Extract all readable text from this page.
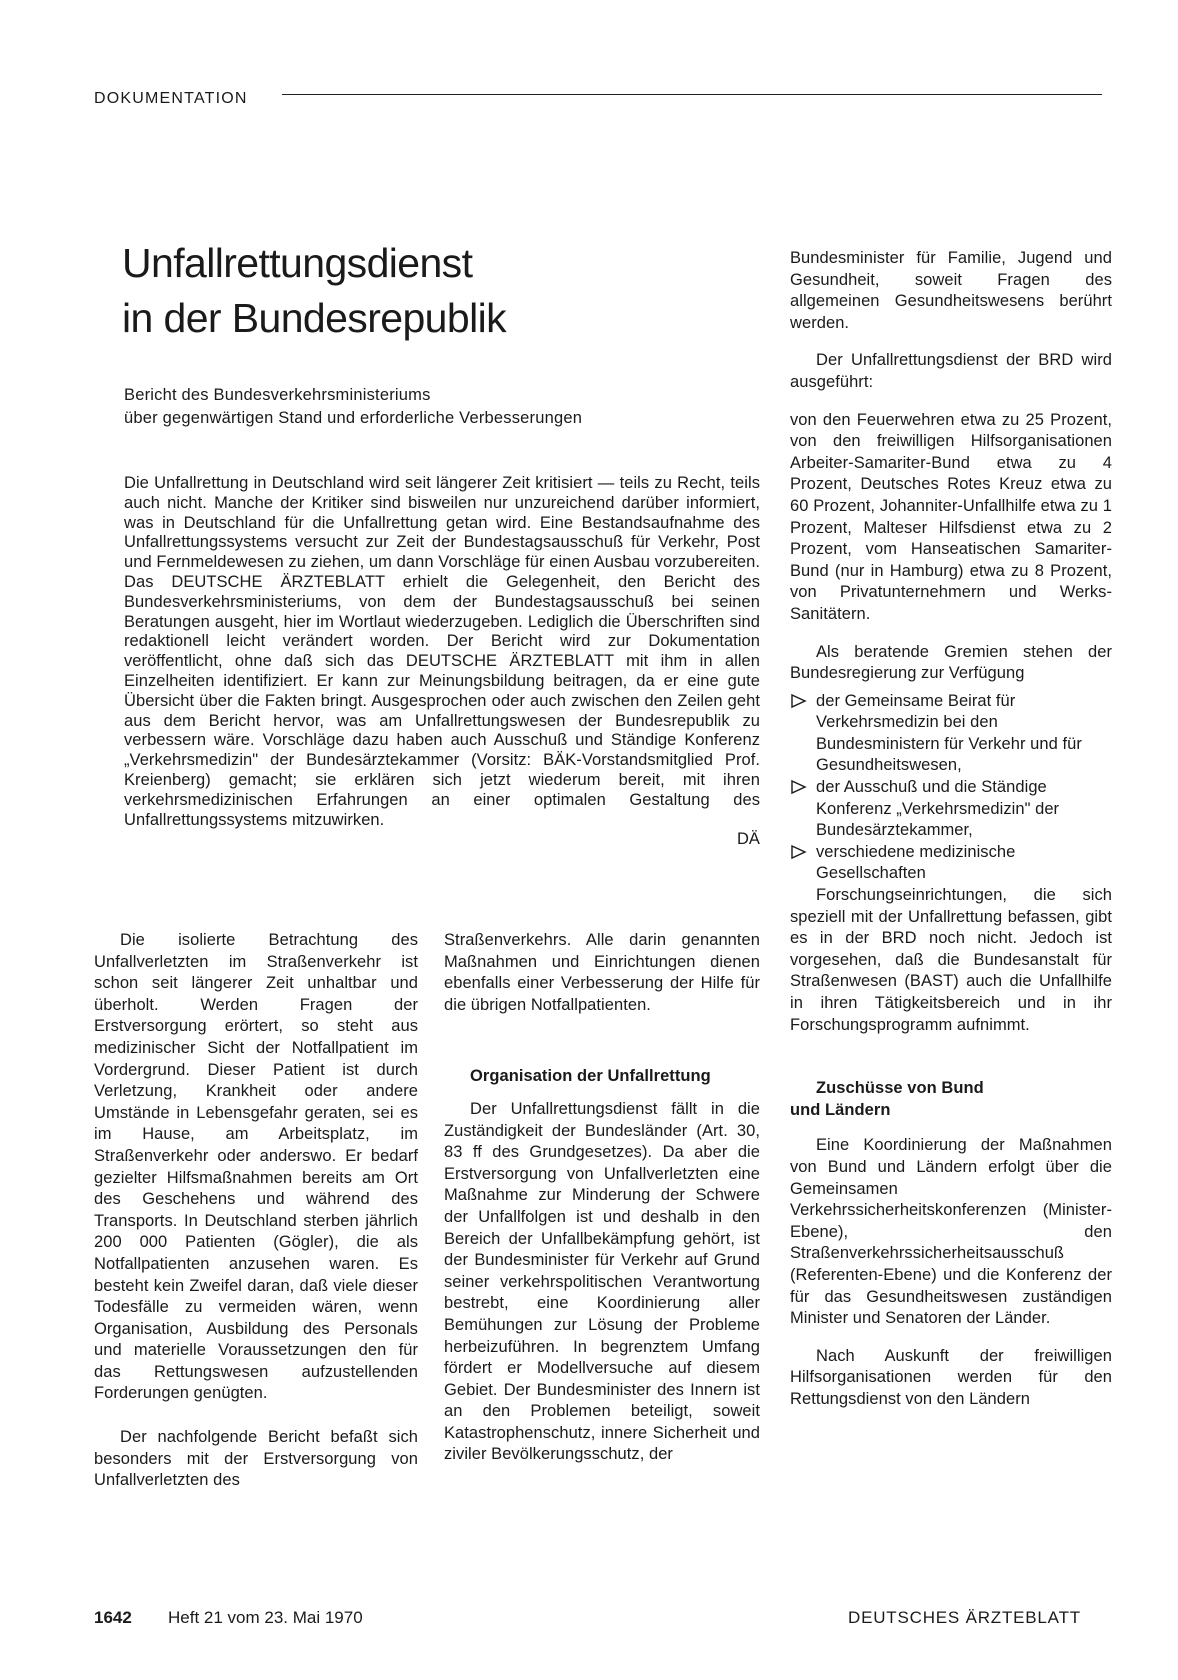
DOKUMENTATION
Unfallrettungsdienst
in der Bundesrepublik
Bericht des Bundesverkehrsministeriums
über gegenwärtigen Stand und erforderliche Verbesserungen
Die Unfallrettung in Deutschland wird seit längerer Zeit kritisiert — teils zu Recht, teils auch nicht. Manche der Kritiker sind bisweilen nur unzureichend darüber informiert, was in Deutschland für die Unfallrettung getan wird. Eine Bestandsaufnahme des Unfallrettungssystems versucht zur Zeit der Bundestagsausschuß für Verkehr, Post und Fernmeldewesen zu ziehen, um dann Vorschläge für einen Ausbau vorzubereiten. Das DEUTSCHE ÄRZTEBLATT erhielt die Gelegenheit, den Bericht des Bundesverkehrsministeriums, von dem der Bundestagsausschuß bei seinen Beratungen ausgeht, hier im Wortlaut wiederzugeben. Lediglich die Überschriften sind redaktionell leicht verändert worden. Der Bericht wird zur Dokumentation veröffentlicht, ohne daß sich das DEUTSCHE ÄRZTEBLATT mit ihm in allen Einzelheiten identifiziert. Er kann zur Meinungsbildung beitragen, da er eine gute Übersicht über die Fakten bringt. Ausgesprochen oder auch zwischen den Zeilen geht aus dem Bericht hervor, was am Unfallrettungswesen der Bundesrepublik zu verbessern wäre. Vorschläge dazu haben auch Ausschuß und Ständige Konferenz „Verkehrsmedizin" der Bundesärztekammer (Vorsitz: BÄK-Vorstandsmitglied Prof. Kreienberg) gemacht; sie erklären sich jetzt wiederum bereit, mit ihren verkehrsmedizinischen Erfahrungen an einer optimalen Gestaltung des Unfallrettungssystems mitzuwirken.
DÄ

Die isolierte Betrachtung des Unfallverletzten im Straßenverkehr ist schon seit längerer Zeit unhaltbar und überholt. Werden Fragen der Erstversorgung erörtert, so steht aus medizinischer Sicht der Notfallpatient im Vordergrund. Dieser Patient ist durch Verletzung, Krankheit oder andere Umstände in Lebensgefahr geraten, sei es im Hause, am Arbeitsplatz, im Straßenverkehr oder anderswo. Er bedarf gezielter Hilfsmaßnahmen bereits am Ort des Geschehens und während des Transports. In Deutschland sterben jährlich 200 000 Patienten (Gögler), die als Notfallpatienten anzusehen waren. Es besteht kein Zweifel daran, daß viele dieser Todesfälle zu vermeiden wären, wenn Organisation, Ausbildung des Personals und materielle Voraussetzungen den für das Rettungswesen aufzustellenden Forderungen genügten.

Der nachfolgende Bericht befaßt sich besonders mit der Erstversorgung von Unfallverletzten des

Straßenverkehrs. Alle darin genannten Maßnahmen und Einrichtungen dienen ebenfalls einer Verbesserung der Hilfe für die übrigen Notfallpatienten.

Organisation der Unfallrettung

Der Unfallrettungsdienst fällt in die Zuständigkeit der Bundesländer (Art. 30, 83 ff des Grundgesetzes). Da aber die Erstversorgung von Unfallverletzten eine Maßnahme zur Minderung der Schwere der Unfallfolgen ist und deshalb in den Bereich der Unfallbekämpfung gehört, ist der Bundesminister für Verkehr auf Grund seiner verkehrspolitischen Verantwortung bestrebt, eine Koordinierung aller Bemühungen zur Lösung der Probleme herbeizuführen. In begrenztem Umfang fördert er Modellversuche auf diesem Gebiet. Der Bundesminister des Innern ist an den Problemen beteiligt, soweit Katastrophenschutz, innere Sicherheit und ziviler Bevölkerungsschutz, der

Bundesminister für Familie, Jugend und Gesundheit, soweit Fragen des allgemeinen Gesundheitswesens berührt werden.

Der Unfallrettungsdienst der BRD wird ausgeführt:

von den Feuerwehren etwa zu 25 Prozent, von den freiwilligen Hilfsorganisationen Arbeiter-Samariter-Bund etwa zu 4 Prozent, Deutsches Rotes Kreuz etwa zu 60 Prozent, Johanniter-Unfallhilfe etwa zu 1 Prozent, Malteser Hilfsdienst etwa zu 2 Prozent, vom Hanseatischen Samariter-Bund (nur in Hamburg) etwa zu 8 Prozent, von Privatunternehmern und Werks-Sanitätern.

Als beratende Gremien stehen der Bundesregierung zur Verfügung

der Gemeinsame Beirat für Verkehrsmedizin bei den Bundesministern für Verkehr und für Gesundheitswesen,
der Ausschuß und die Ständige Konferenz „Verkehrsmedizin" der Bundesärztekammer,
verschiedene medizinische Gesellschaften

Forschungseinrichtungen, die sich speziell mit der Unfallrettung befassen, gibt es in der BRD noch nicht. Jedoch ist vorgesehen, daß die Bundesanstalt für Straßenwesen (BAST) auch die Unfallhilfe in ihren Tätigkeitsbereich und in ihr Forschungsprogramm aufnimmt.

Zuschüsse von Bund
und Ländern

Eine Koordinierung der Maßnahmen von Bund und Ländern erfolgt über die Gemeinsamen Verkehrssicherheitskonferenzen (Minister-Ebene), den Straßenverkehrssicherheitsausschuß (Referenten-Ebene) und die Konferenz der für das Gesundheitswesen zuständigen Minister und Senatoren der Länder.

Nach Auskunft der freiwilligen Hilfsorganisationen werden für den Rettungsdienst von den Ländern

1642 Heft 21 vom 23. Mai 1970	DEUTSCHES ÄRZTEBLATT
